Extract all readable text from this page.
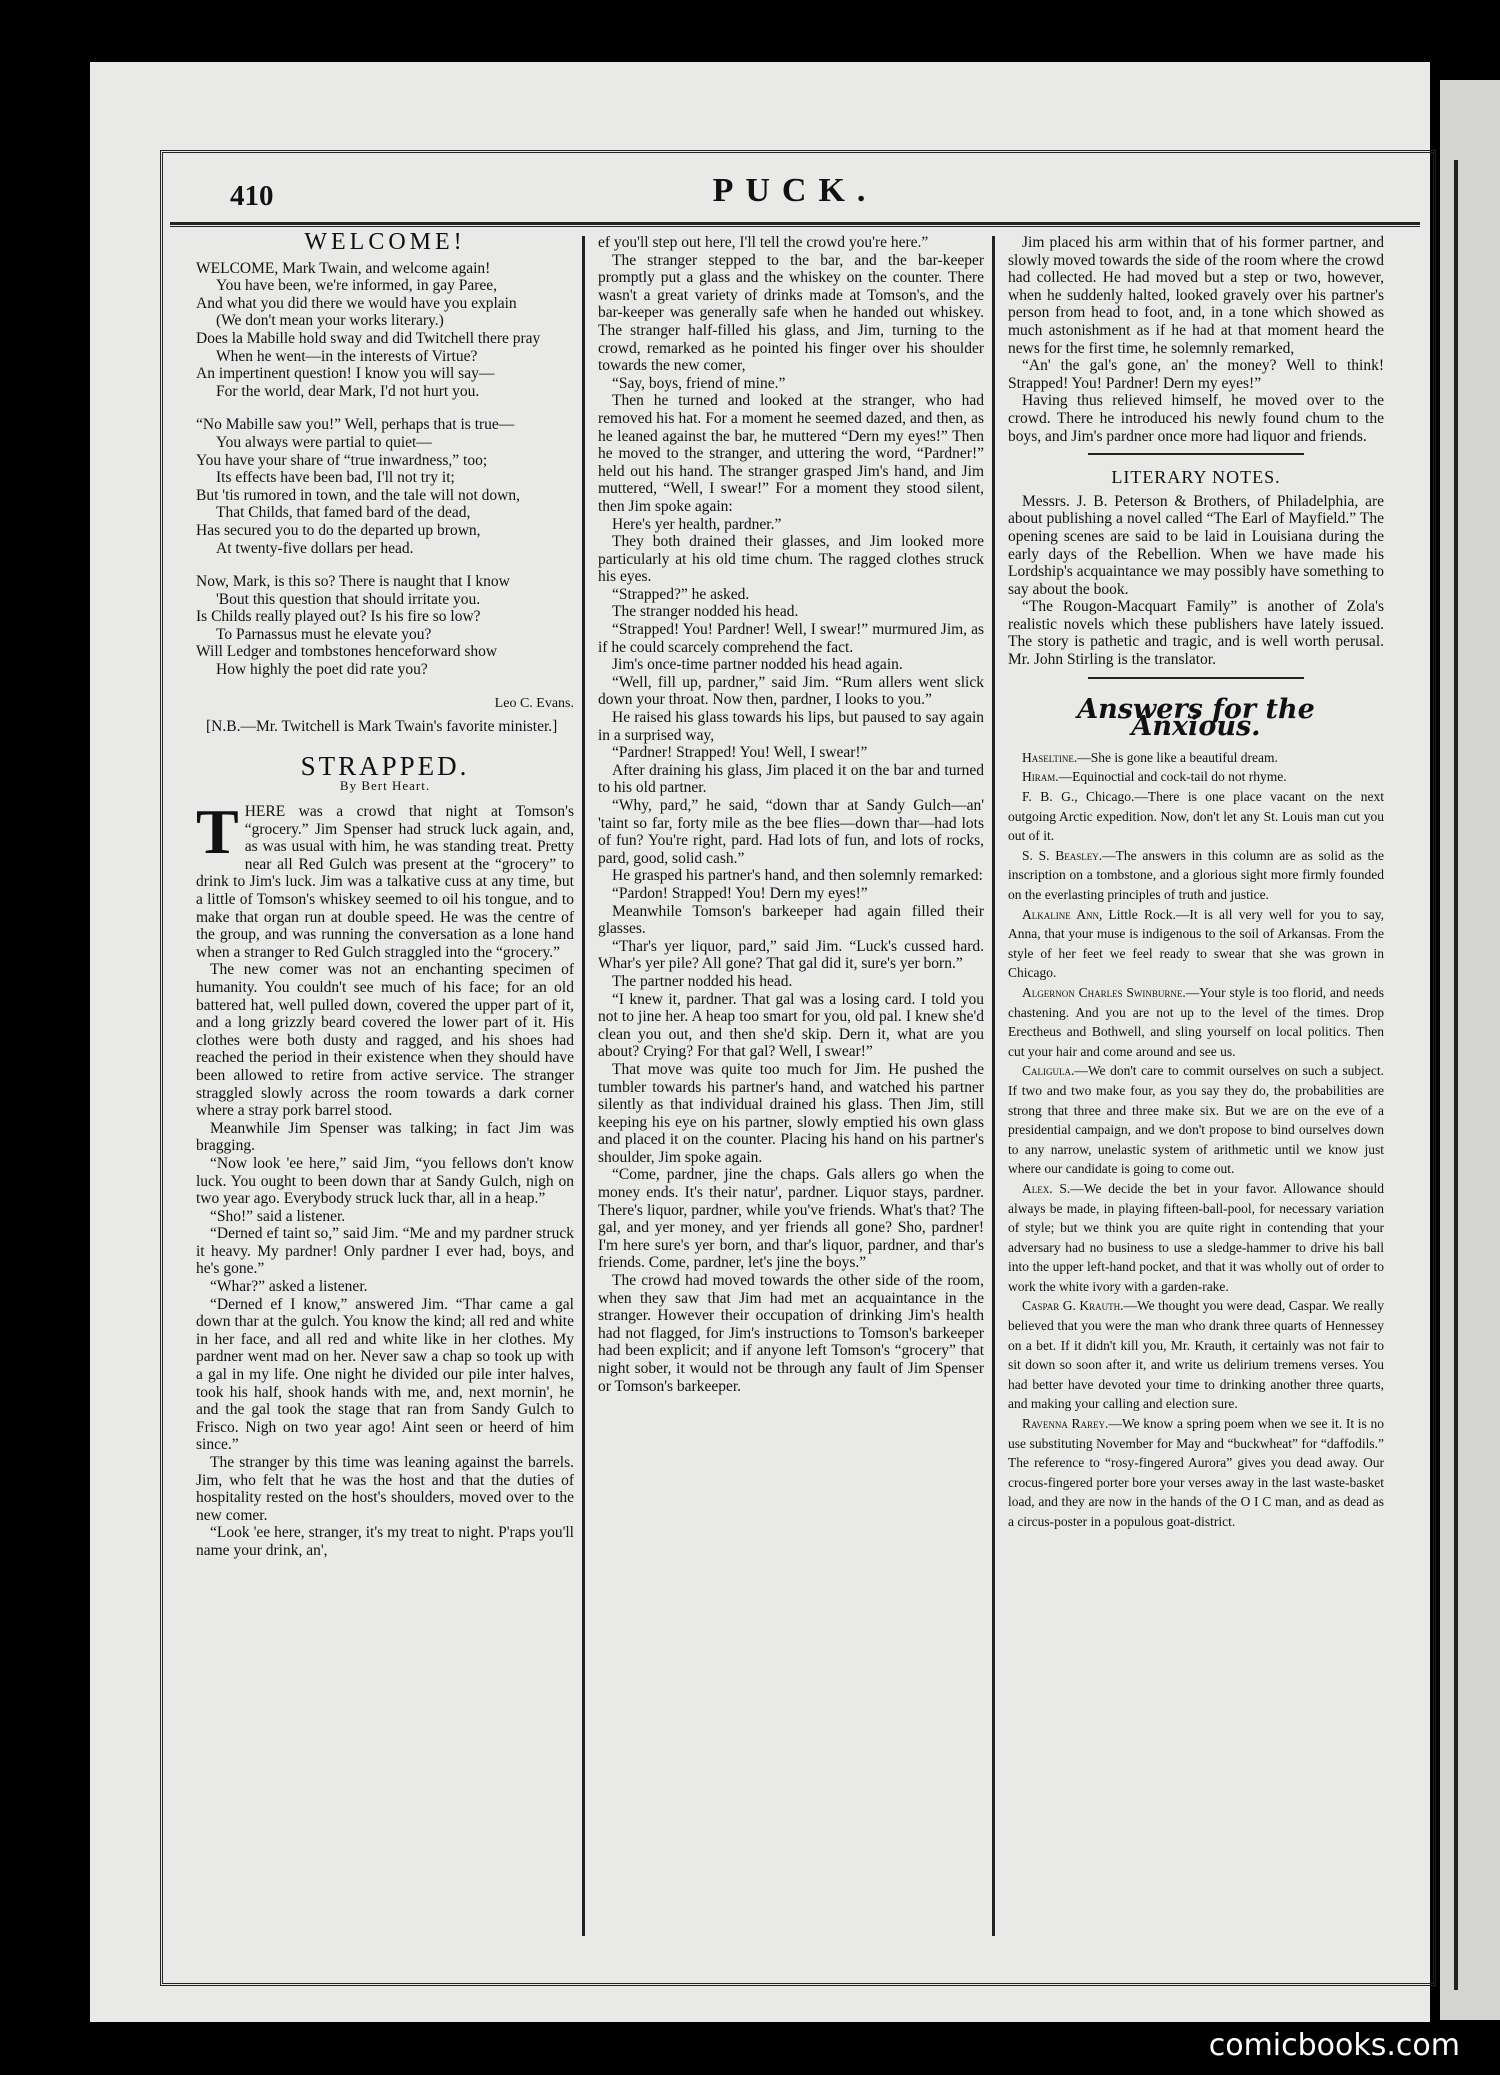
410	PUCK.
WELCOME!
WELCOME, Mark Twain, and welcome again!
You have been, we're informed, in gay Paree,
And what you did there we would have you explain
(We don't mean your works literary.)
Does la Mabille hold sway and did Twitchell there pray
When he went—in the interests of Virtue?
An impertinent question! I know you will say—
For the world, dear Mark, I'd not hurt you.
“No Mabille saw you!” Well, perhaps that is true—
You always were partial to quiet—
You have your share of “true inwardness,” too;
Its effects have been bad, I'll not try it;
But 'tis rumored in town, and the tale will not down,
That Childs, that famed bard of the dead,
Has secured you to do the departed up brown,
At twenty-five dollars per head.
Now, Mark, is this so? There is naught that I know
'Bout this question that should irritate you.
Is Childs really played out? Is his fire so low?
To Parnassus must he elevate you?
Will Ledger and tombstones henceforward show
How highly the poet did rate you?
Leo C. Evans.

[N.B.—Mr. Twitchell is Mark Twain's favorite minister.]

STRAPPED.
By Bert Heart.

THERE was a crowd that night at Tomson's “grocery.” Jim Spenser had struck luck again, and, as was usual with him, he was standing treat. Pretty near all Red Gulch was present at the “grocery” to drink to Jim's luck. Jim was a talkative cuss at any time, but a little of Tomson's whiskey seemed to oil his tongue, and to make that organ run at double speed. He was the centre of the group, and was running the conversation as a lone hand when a stranger to Red Gulch straggled into the “grocery.”

The new comer was not an enchanting specimen of humanity. You couldn't see much of his face; for an old battered hat, well pulled down, covered the upper part of it, and a long grizzly beard covered the lower part of it. His clothes were both dusty and ragged, and his shoes had reached the period in their existence when they should have been allowed to retire from active service. The stranger straggled slowly across the room towards a dark corner where a stray pork barrel stood.

Meanwhile Jim Spenser was talking; in fact Jim was bragging.

“Now look 'ee here,” said Jim, “you fellows don't know luck. You ought to been down thar at Sandy Gulch, nigh on two year ago. Everybody struck luck thar, all in a heap.”

“Sho!” said a listener.

“Derned ef taint so,” said Jim. “Me and my pardner struck it heavy. My pardner! Only pardner I ever had, boys, and he's gone.”

“Whar?” asked a listener.

“Derned ef I know,” answered Jim. “Thar came a gal down thar at the gulch. You know the kind; all red and white in her face, and all red and white like in her clothes. My pardner went mad on her. Never saw a chap so took up with a gal in my life. One night he divided our pile inter halves, took his half, shook hands with me, and, next mornin', he and the gal took the stage that ran from Sandy Gulch to Frisco. Nigh on two year ago! Aint seen or heerd of him since.”

The stranger by this time was leaning against the barrels. Jim, who felt that he was the host and that the duties of hospitality rested on the host's shoulders, moved over to the new comer.

“Look 'ee here, stranger, it's my treat to night. P'raps you'll name your drink, an',

ef you'll step out here, I'll tell the crowd you're here.”

The stranger stepped to the bar, and the bar-keeper promptly put a glass and the whiskey on the counter. There wasn't a great variety of drinks made at Tomson's, and the bar-keeper was generally safe when he handed out whiskey. The stranger half-filled his glass, and Jim, turning to the crowd, remarked as he pointed his finger over his shoulder towards the new comer,

“Say, boys, friend of mine.”

Then he turned and looked at the stranger, who had removed his hat. For a moment he seemed dazed, and then, as he leaned against the bar, he muttered “Dern my eyes!” Then he moved to the stranger, and uttering the word, “Pardner!” held out his hand. The stranger grasped Jim's hand, and Jim muttered, “Well, I swear!” For a moment they stood silent, then Jim spoke again:

Here's yer health, pardner.”

They both drained their glasses, and Jim looked more particularly at his old time chum. The ragged clothes struck his eyes.

“Strapped?” he asked.

The stranger nodded his head.

“Strapped! You! Pardner! Well, I swear!” murmured Jim, as if he could scarcely comprehend the fact.

Jim's once-time partner nodded his head again.

“Well, fill up, pardner,” said Jim. “Rum allers went slick down your throat. Now then, pardner, I looks to you.”

He raised his glass towards his lips, but paused to say again in a surprised way,

“Pardner! Strapped! You! Well, I swear!”

After draining his glass, Jim placed it on the bar and turned to his old partner.

“Why, pard,” he said, “down thar at Sandy Gulch—an' 'taint so far, forty mile as the bee flies—down thar—had lots of fun? You're right, pard. Had lots of fun, and lots of rocks, pard, good, solid cash.”

He grasped his partner's hand, and then solemnly remarked:

“Pardon! Strapped! You! Dern my eyes!”

Meanwhile Tomson's barkeeper had again filled their glasses.

“Thar's yer liquor, pard,” said Jim. “Luck's cussed hard. Whar's yer pile? All gone? That gal did it, sure's yer born.”

The partner nodded his head.

“I knew it, pardner. That gal was a losing card. I told you not to jine her. A heap too smart for you, old pal. I knew she'd clean you out, and then she'd skip. Dern it, what are you about? Crying? For that gal? Well, I swear!”

That move was quite too much for Jim. He pushed the tumbler towards his partner's hand, and watched his partner silently as that individual drained his glass. Then Jim, still keeping his eye on his partner, slowly emptied his own glass and placed it on the counter. Placing his hand on his partner's shoulder, Jim spoke again.

“Come, pardner, jine the chaps. Gals allers go when the money ends. It's their natur', pardner. Liquor stays, pardner. There's liquor, pardner, while you've friends. What's that? The gal, and yer money, and yer friends all gone? Sho, pardner! I'm here sure's yer born, and thar's liquor, pardner, and thar's friends. Come, pardner, let's jine the boys.”

The crowd had moved towards the other side of the room, when they saw that Jim had met an acquaintance in the stranger. However their occupation of drinking Jim's health had not flagged, for Jim's instructions to Tomson's barkeeper had been explicit; and if anyone left Tomson's “grocery” that night sober, it would not be through any fault of Jim Spenser or Tomson's barkeeper.

Jim placed his arm within that of his former partner, and slowly moved towards the side of the room where the crowd had collected. He had moved but a step or two, however, when he suddenly halted, looked gravely over his partner's person from head to foot, and, in a tone which showed as much astonishment as if he had at that moment heard the news for the first time, he solemnly remarked,

“An' the gal's gone, an' the money? Well to think! Strapped! You! Pardner! Dern my eyes!”

Having thus relieved himself, he moved over to the crowd. There he introduced his newly found chum to the boys, and Jim's pardner once more had liquor and friends.

LITERARY NOTES.

Messrs. J. B. Peterson & Brothers, of Philadelphia, are about publishing a novel called “The Earl of Mayfield.” The opening scenes are said to be laid in Louisiana during the early days of the Rebellion. When we have made his Lordship's acquaintance we may possibly have something to say about the book.

“The Rougon-Macquart Family” is another of Zola's realistic novels which these publishers have lately issued. The story is pathetic and tragic, and is well worth perusal. Mr. John Stirling is the translator.

Answers for the Anxious.

Haseltine.—She is gone like a beautiful dream.

Hiram.—Equinoctial and cock-tail do not rhyme.

F. B. G., Chicago.—There is one place vacant on the next outgoing Arctic expedition. Now, don't let any St. Louis man cut you out of it.

S. S. Beasley.—The answers in this column are as solid as the inscription on a tombstone, and a glorious sight more firmly founded on the everlasting principles of truth and justice.

Alkaline Ann, Little Rock.—It is all very well for you to say, Anna, that your muse is indigenous to the soil of Arkansas. From the style of her feet we feel ready to swear that she was grown in Chicago.

Algernon Charles Swinburne.—Your style is too florid, and needs chastening. And you are not up to the level of the times. Drop Erectheus and Bothwell, and sling yourself on local politics. Then cut your hair and come around and see us.

Caligula.—We don't care to commit ourselves on such a subject. If two and two make four, as you say they do, the probabilities are strong that three and three make six. But we are on the eve of a presidential campaign, and we don't propose to bind ourselves down to any narrow, unelastic system of arithmetic until we know just where our candidate is going to come out.

Alex. S.—We decide the bet in your favor. Allowance should always be made, in playing fifteen-ball-pool, for necessary variation of style; but we think you are quite right in contending that your adversary had no business to use a sledge-hammer to drive his ball into the upper left-hand pocket, and that it was wholly out of order to work the white ivory with a garden-rake.

Caspar G. Krauth.—We thought you were dead, Caspar. We really believed that you were the man who drank three quarts of Hennessey on a bet. If it didn't kill you, Mr. Krauth, it certainly was not fair to sit down so soon after it, and write us delirium tremens verses. You had better have devoted your time to drinking another three quarts, and making your calling and election sure.

Ravenna Rarey.—We know a spring poem when we see it. It is no use substituting November for May and “buckwheat” for “daffodils.” The reference to “rosy-fingered Aurora” gives you dead away. Our crocus-fingered porter bore your verses away in the last waste-basket load, and they are now in the hands of the O I C man, and as dead as a circus-poster in a populous goat-district.

comicbooks.com
